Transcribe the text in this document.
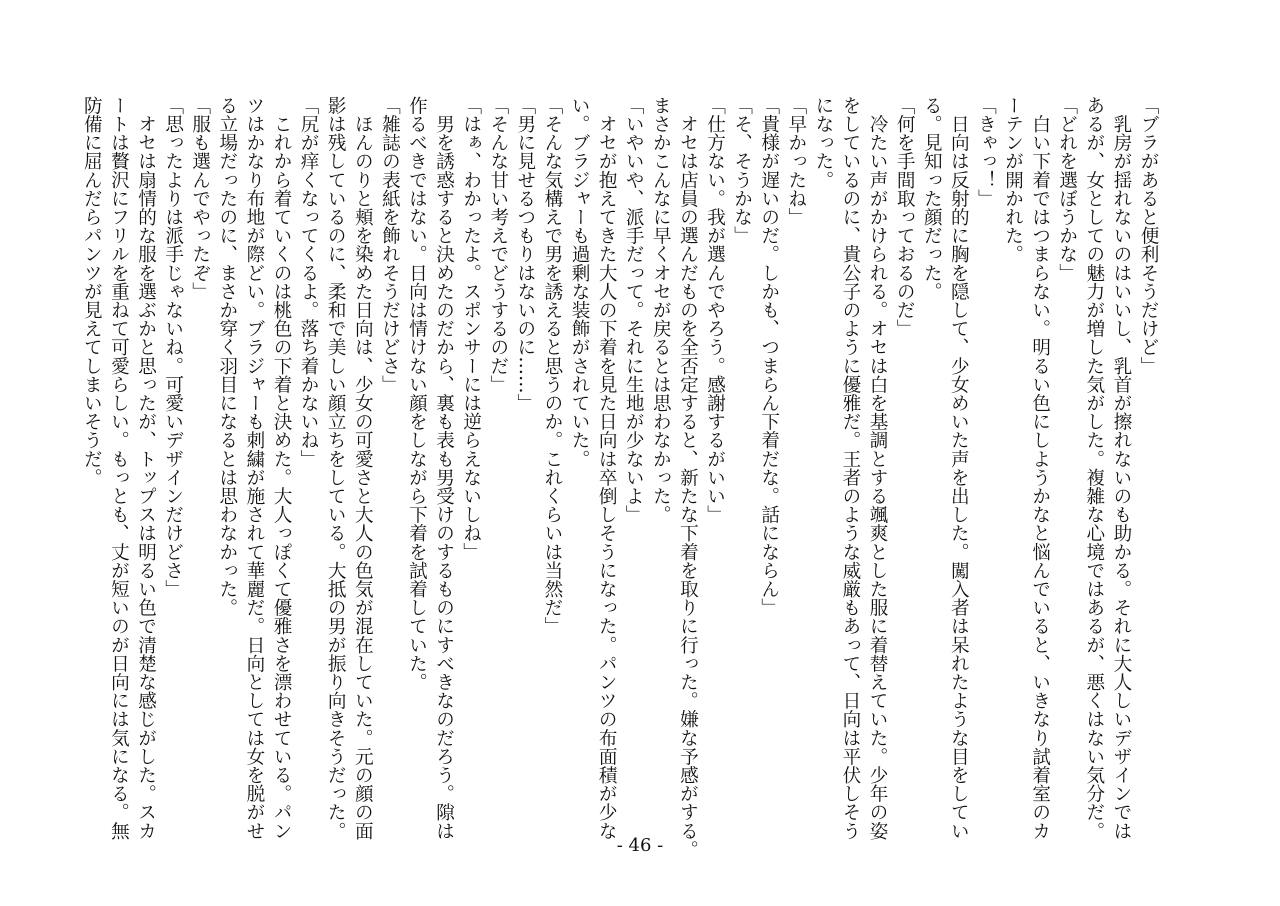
「ブラがあると便利そうだけど」

　乳房が揺れないのはいいし、乳首が擦れないのも助かる。それに大人しいデザインでは

あるが、女としての魅力が増した気がした。複雑な心境ではあるが、悪くはない気分だ。

「どれを選ぼうかな」

　白い下着ではつまらない。明るい色にしようかなと悩んでいると、いきなり試着室のカ

ーテンが開かれた。

「きゃっ！」

　日向は反射的に胸を隠して、少女めいた声を出した。闖入者は呆れたような目をしてい

る。見知った顔だった。

「何を手間取っておるのだ」

　冷たい声がかけられる。オセは白を基調とする颯爽とした服に着替えていた。少年の姿

をしているのに、貴公子のように優雅だ。王者のような威厳もあって、日向は平伏しそう

になった。

「早かったね」

「貴様が遅いのだ。しかも、つまらん下着だな。話にならん」

「そ、そうかな」

「仕方ない。我が選んでやろう。感謝するがいい」

　オセは店員の選んだものを全否定すると、新たな下着を取りに行った。嫌な予感がする。

まさかこんなに早くオセが戻るとは思わなかった。

「いやいや、派手だって。それに生地が少ないよ」

　オセが抱えてきた大人の下着を見た日向は卒倒しそうになった。パンツの布面積が少な

い。ブラジャーも過剰な装飾がされていた。

「そんな気構えで男を誘えると思うのか。これくらいは当然だ」

「男に見せるつもりはないのに……」

「そんな甘い考えでどうするのだ」

「はぁ、わかったよ。スポンサーには逆らえないしね」

　男を誘惑すると決めたのだから、裏も表も男受けのするものにすべきなのだろう。隙は

作るべきではない。日向は情けない顔をしながら下着を試着していた。

「雑誌の表紙を飾れそうだけどさ」

　ほんのりと頬を染めた日向は、少女の可愛さと大人の色気が混在していた。元の顔の面

影は残しているのに、柔和で美しい顔立ちをしている。大抵の男が振り向きそうだった。

「尻が痒くなってくるよ。落ち着かないね」

　これから着ていくのは桃色の下着と決めた。大人っぽくて優雅さを漂わせている。パン

ツはかなり布地が際どい。ブラジャーも刺繍が施されて華麗だ。日向としては女を脱がせ

る立場だったのに、まさか穿く羽目になるとは思わなかった。

「服も選んでやったぞ」

「思ったよりは派手じゃないね。可愛いデザインだけどさ」

　オセは扇情的な服を選ぶかと思ったが、トップスは明るい色で清楚な感じがした。スカ

ートは贅沢にフリルを重ねて可愛らしい。もっとも、丈が短いのが日向には気になる。無

防備に屈んだらパンツが見えてしまいそうだ。

- 46 -
